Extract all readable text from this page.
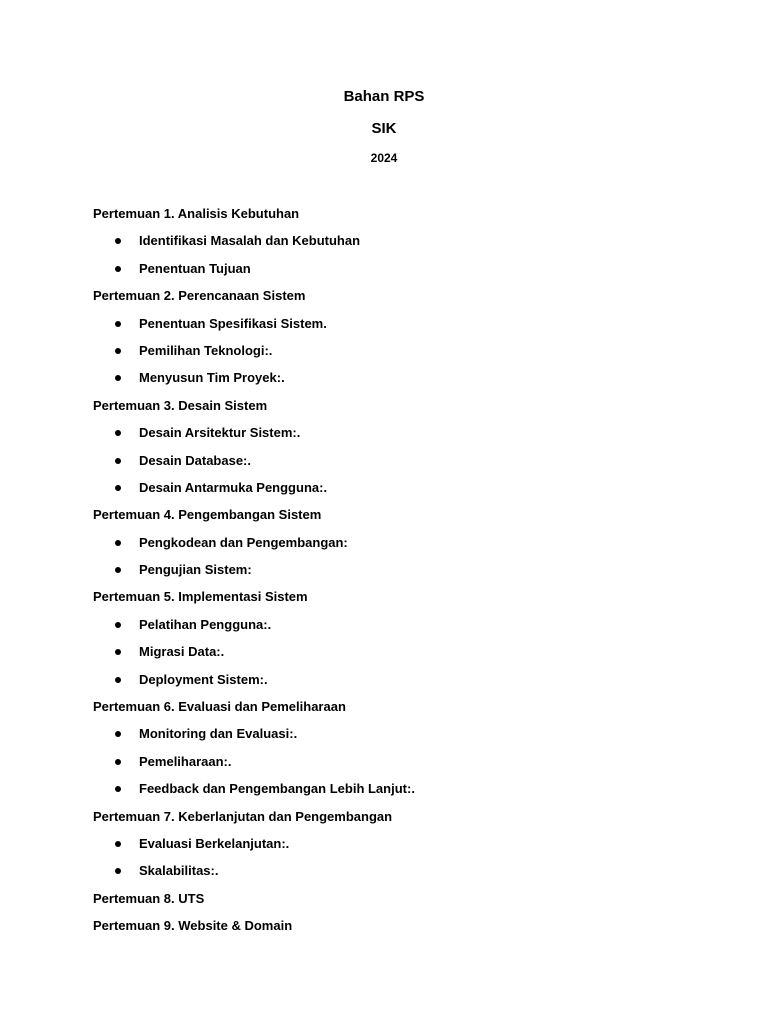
Bahan RPS
SIK
2024

Pertemuan 1. Analisis Kebutuhan

Identifikasi Masalah dan Kebutuhan
Penentuan Tujuan

Pertemuan 2. Perencanaan Sistem

Penentuan Spesifikasi Sistem.
Pemilihan Teknologi:.
Menyusun Tim Proyek:.

Pertemuan 3. Desain Sistem

Desain Arsitektur Sistem:.
Desain Database:.
Desain Antarmuka Pengguna:.

Pertemuan 4. Pengembangan Sistem

Pengkodean dan Pengembangan:
Pengujian Sistem:

Pertemuan 5. Implementasi Sistem

Pelatihan Pengguna:.
Migrasi Data:.
Deployment Sistem:.

Pertemuan 6. Evaluasi dan Pemeliharaan

Monitoring dan Evaluasi:.
Pemeliharaan:.
Feedback dan Pengembangan Lebih Lanjut:.

Pertemuan 7. Keberlanjutan dan Pengembangan

Evaluasi Berkelanjutan:.
Skalabilitas:.

Pertemuan 8. UTS

Pertemuan 9. Website & Domain
